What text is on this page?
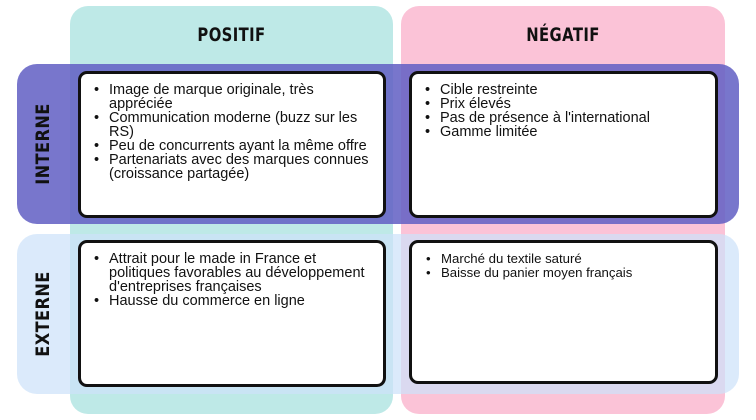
POSITIF	NÉGATIF
INTERNE
EXTERNE
• Image de marque originale, très appréciée
• Communication moderne (buzz sur les RS)
• Peu de concurrents ayant la même offre
• Partenariats avec des marques connues (croissance partagée)
• Cible restreinte
• Prix élevés
• Pas de présence à l'international
• Gamme limitée
• Attrait pour le made in France et politiques favorables au développement d'entreprises françaises
• Hausse du commerce en ligne
• Marché du textile saturé
• Baisse du panier moyen français
